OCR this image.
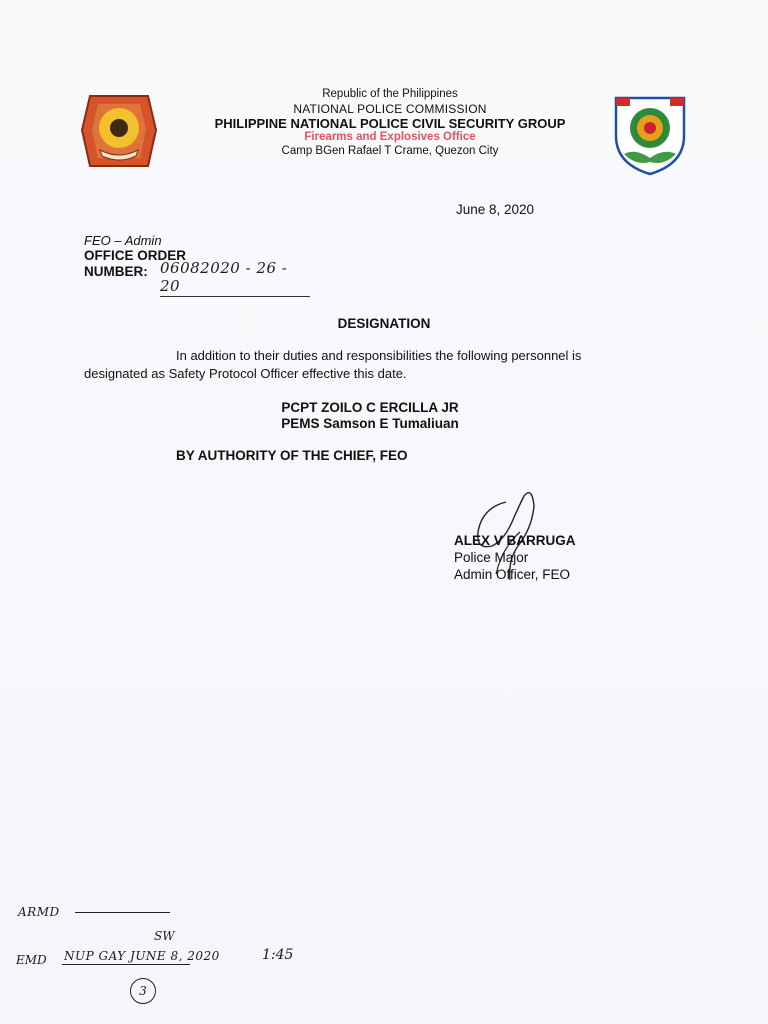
Republic of the Philippines
NATIONAL POLICE COMMISSION
PHILIPPINE NATIONAL POLICE CIVIL SECURITY GROUP
Firearms and Explosives Office
Camp BGen Rafael T Crame, Quezon City
June 8, 2020
FEO – Admin
OFFICE ORDER
NUMBER: 06082020 - 26 - 20
DESIGNATION
In addition to their duties and responsibilities the following personnel is
designated as Safety Protocol Officer effective this date.
PCPT ZOILO C ERCILLA JR
PEMS Samson E Tumaliuan
BY AUTHORITY OF THE CHIEF, FEO
ALEX V BARRUGA
Police Major
Admin Officer, FEO
ARMD
SW
EMD NUP GAY JUNE 8, 2020	1:45
3
